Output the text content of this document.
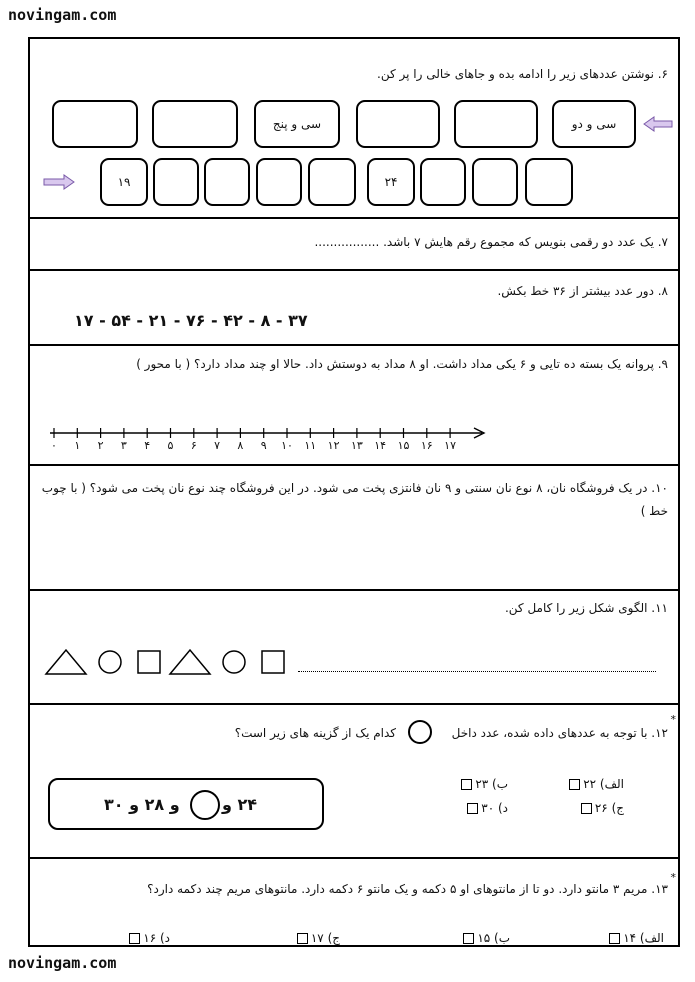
novingam.com
۶. نوشتن عددهای زیر را ادامه بده و جاهای خالی را پر کن.
سی و دو
سی و پنج
۱۹	۲۴
۷. یک عدد دو رقمی بنویس که مجموع رقم هایش ۷ باشد. .................
۸. دور عدد بیشتر از ۳۶ خط بکش.
۳۷ - ۸ - ۴۲ - ۷۶ - ۲۱ - ۵۴ - ۱۷
۹. پروانه یک بسته ده تایی و ۶ یکی مداد داشت. او ۸ مداد به دوستش داد. حالا او چند مداد دارد؟ ( با محور )
۰	۱	۲	۳	۴	۵	۶	۷	۸	۹	۱۰ ۱۱ ۱۲ ۱۳ ۱۴ ۱۵ ۱۶ ۱۷
۱۰. در یک فروشگاه نان، ۸ نوع نان سنتی و ۹ نان فانتزی پخت می شود. در این فروشگاه چند نوع نان پخت می شود؟ ( با چوب
خط )
۱۱. الگوی شکل زیر را کامل کن.
*
۱۲. با توجه به عددهای داده شده، عدد داخل
کدام یک از گزینه های زیر است؟
و ۲۸ و ۳۰	۲۴ و
الف) ۲۲
ب) ۲۳
ج) ۲۶
د) ۳۰
*
۱۳. مریم ۳ مانتو دارد. دو تا از مانتوهای او ۵ دکمه و یک مانتو ۶ دکمه دارد. مانتوهای مریم چند دکمه دارد؟
الف) ۱۴
ب) ۱۵
ج) ۱۷
د) ۱۶
novingam.com
